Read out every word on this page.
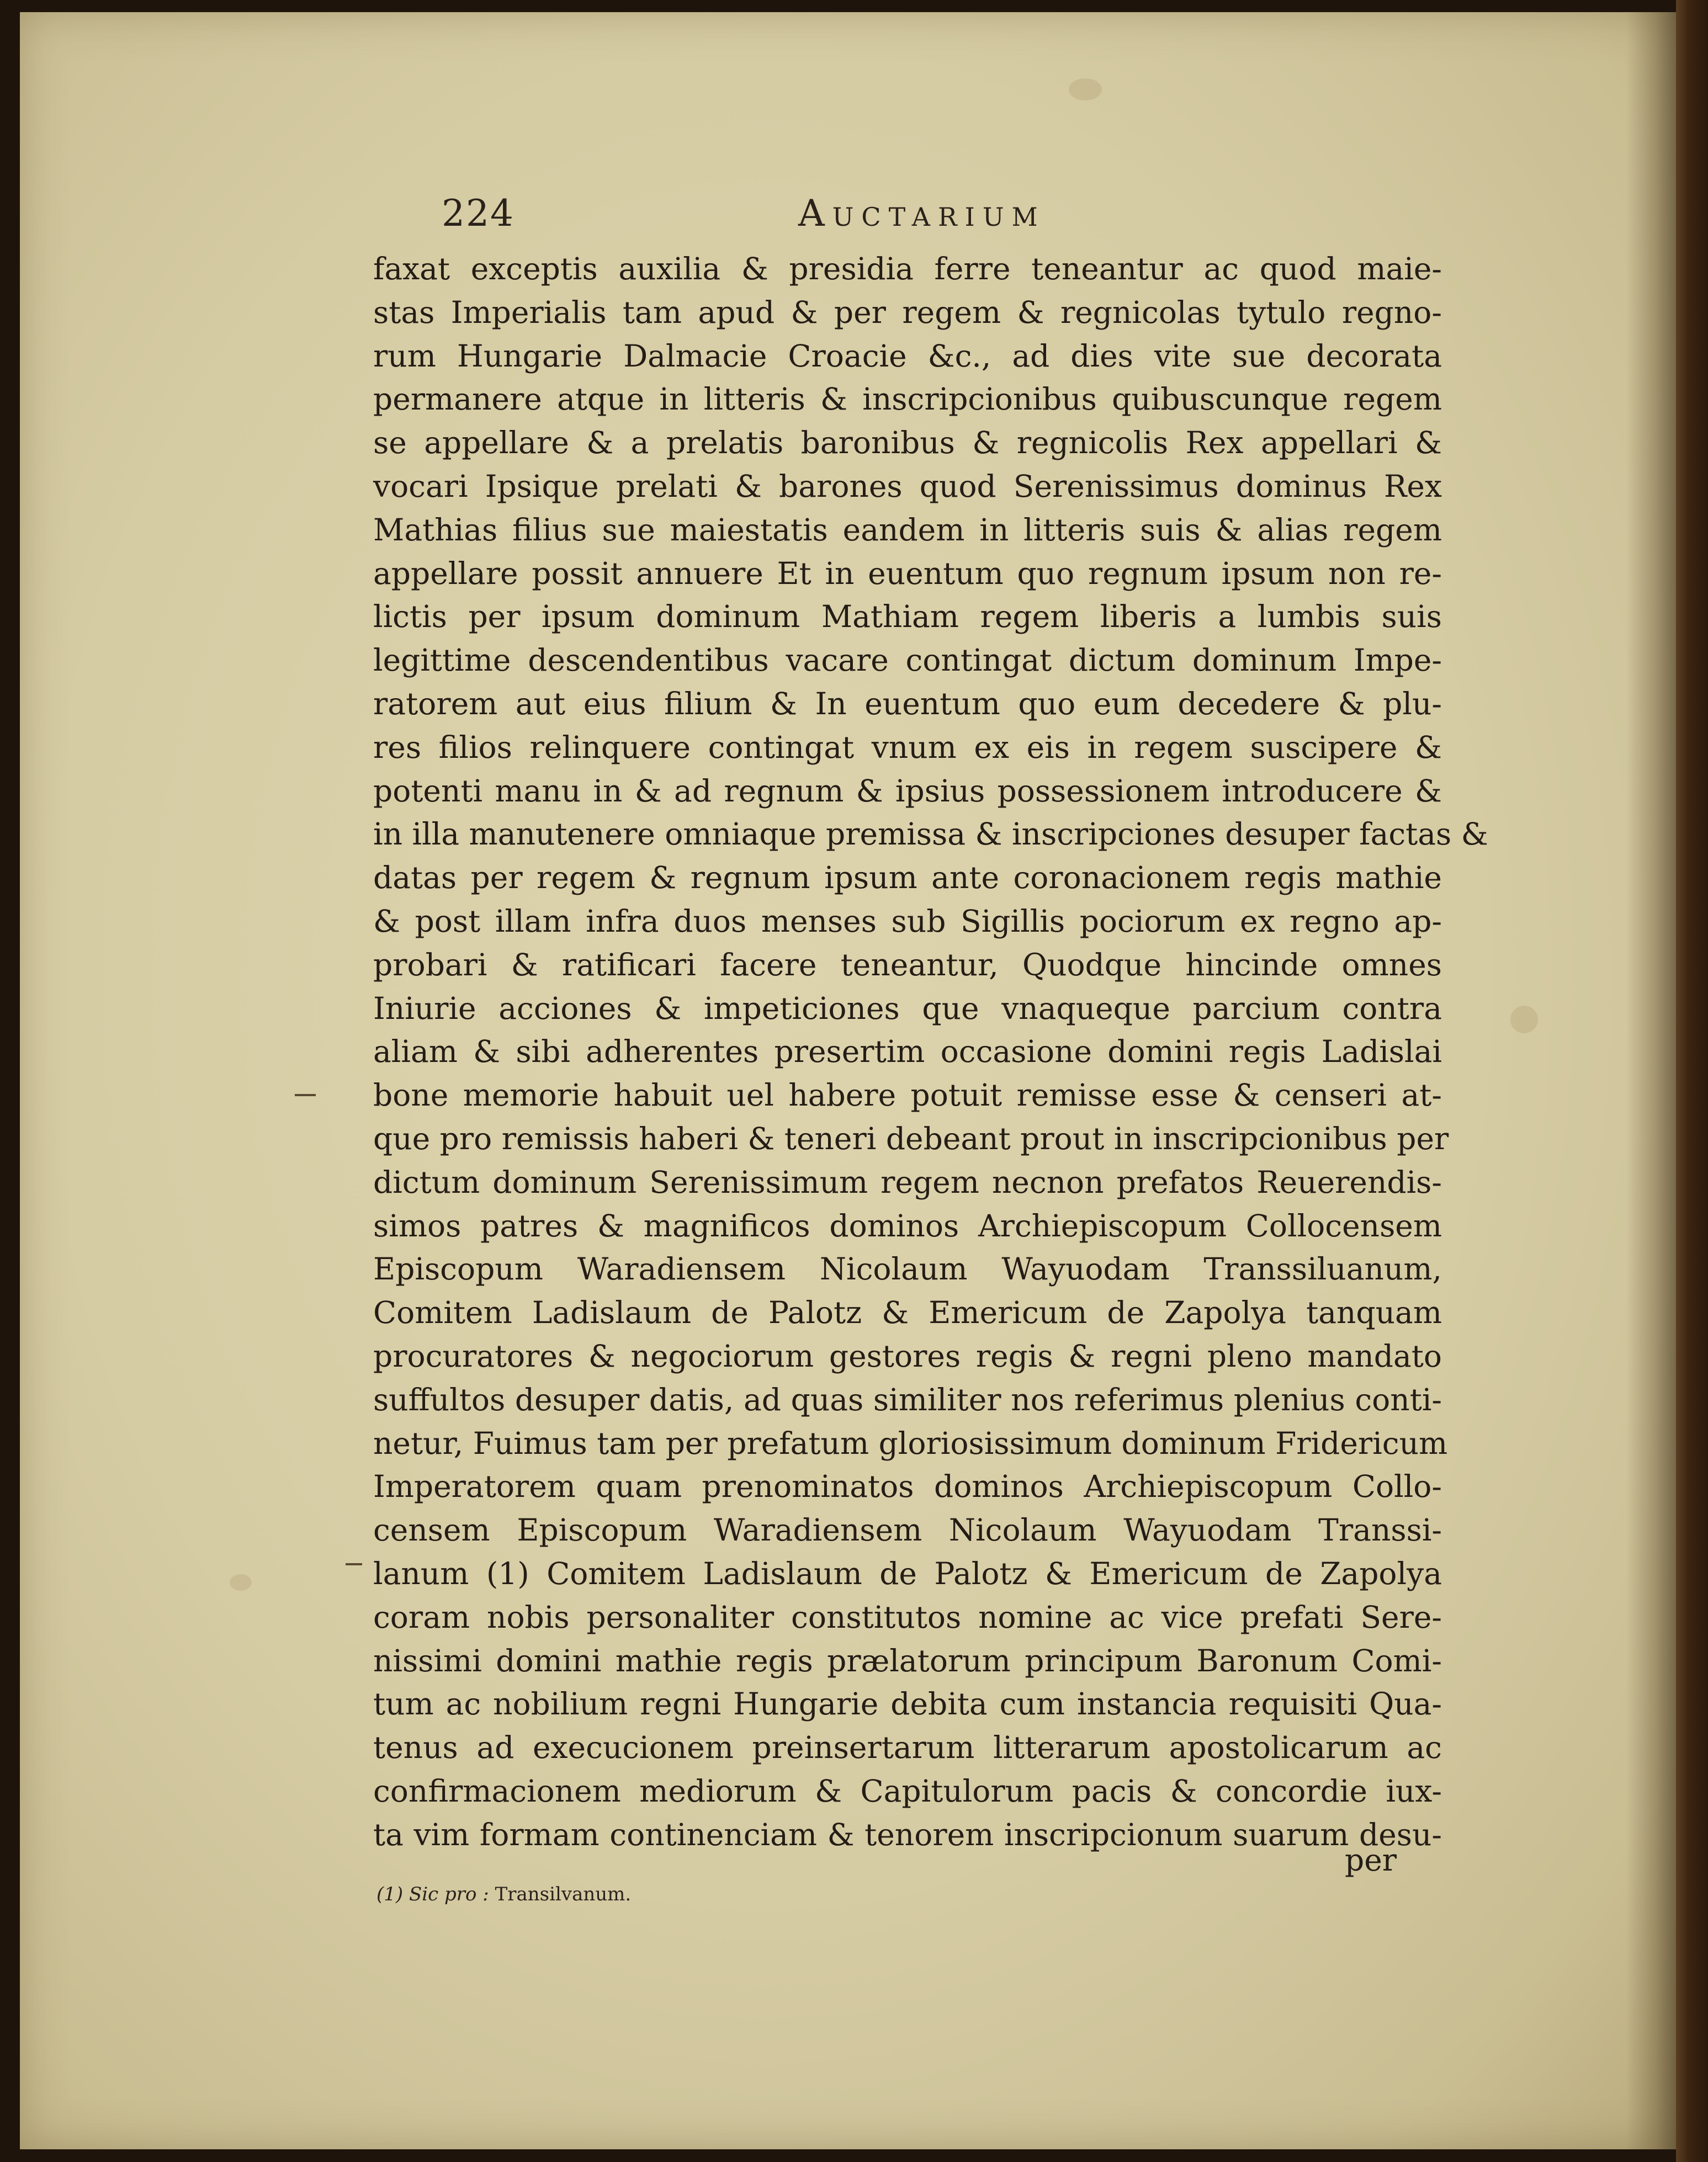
224	Auctarium
faxat exceptis auxilia & presidia ferre teneantur ac quod maie-
stas Imperialis tam apud & per regem & regnicolas tytulo regno-
rum Hungarie Dalmacie Croacie &c., ad dies vite sue decorata
permanere atque in litteris & inscripcionibus quibuscunque regem
se appellare & a prelatis baronibus & regnicolis Rex appellari &
vocari Ipsique prelati & barones quod Serenissimus dominus Rex
Mathias filius sue maiestatis eandem in litteris suis & alias regem
appellare possit annuere Et in euentum quo regnum ipsum non re-
lictis per ipsum dominum Mathiam regem liberis a lumbis suis
legittime descendentibus vacare contingat dictum dominum Impe-
ratorem aut eius filium & In euentum quo eum decedere & plu-
res filios relinquere contingat vnum ex eis in regem suscipere &
potenti manu in & ad regnum & ipsius possessionem introducere &
in illa manutenere omniaque premissa & inscripciones desuper factas &
datas per regem & regnum ipsum ante coronacionem regis mathie
& post illam infra duos menses sub Sigillis pociorum ex regno ap-
probari & ratificari facere teneantur, Quodque hincinde omnes
Iniurie acciones & impeticiones que vnaqueque parcium contra
aliam & sibi adherentes presertim occasione domini regis Ladislai
bone memorie habuit uel habere potuit remisse esse & censeri at-
que pro remissis haberi & teneri debeant prout in inscripcionibus per
dictum dominum Serenissimum regem necnon prefatos Reuerendis-
simos patres & magnificos dominos Archiepiscopum Collocensem
Episcopum Waradiensem Nicolaum Wayuodam Transsiluanum,
Comitem Ladislaum de Palotz & Emericum de Zapolya tanquam
procuratores & negociorum gestores regis & regni pleno mandato
suffultos desuper datis, ad quas similiter nos referimus plenius conti-
netur, Fuimus tam per prefatum gloriosissimum dominum Fridericum
Imperatorem quam prenominatos dominos Archiepiscopum Collo-
censem Episcopum Waradiensem Nicolaum Wayuodam Transsi-
lanum (1) Comitem Ladislaum de Palotz & Emericum de Zapolya
coram nobis personaliter constitutos nomine ac vice prefati Sere-
nissimi domini mathie regis prælatorum principum Baronum Comi-
tum ac nobilium regni Hungarie debita cum instancia requisiti Qua-
tenus ad execucionem preinsertarum litterarum apostolicarum ac
confirmacionem mediorum & Capitulorum pacis & concordie iux-
ta vim formam continenciam & tenorem inscripcionum suarum desu-
per
(1) Sic pro : Transilvanum.
